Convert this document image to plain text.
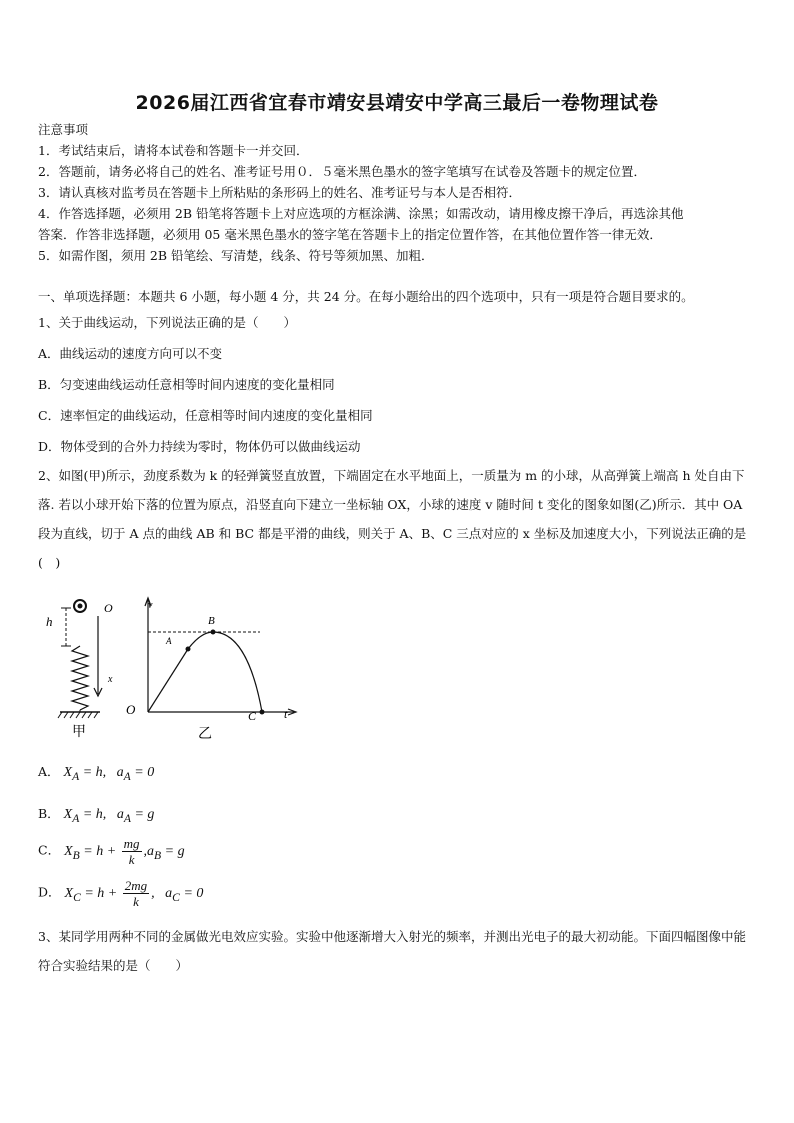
2026届江西省宜春市靖安县靖安中学高三最后一卷物理试卷
注意事项
1．考试结束后，请将本试卷和答题卡一并交回．
2．答题前，请务必将自己的姓名、准考证号用０．５毫米黑色墨水的签字笔填写在试卷及答题卡的规定位置．
3．请认真核对监考员在答题卡上所粘贴的条形码上的姓名、准考证号与本人是否相符．
4．作答选择题，必须用 2B 铅笔将答题卡上对应选项的方框涂满、涂黑；如需改动，请用橡皮擦干净后，再选涂其他
答案．作答非选择题，必须用 05 毫米黑色墨水的签字笔在答题卡上的指定位置作答，在其他位置作答一律无效．
5．如需作图，须用 2B 铅笔绘、写清楚，线条、符号等须加黑、加粗．
一、单项选择题：本题共 6 小题，每小题 4 分，共 24 分。在每小题给出的四个选项中，只有一项是符合题目要求的。
1、关于曲线运动，下列说法正确的是（　　）
A．曲线运动的速度方向可以不变
B．匀变速曲线运动任意相等时间内速度的变化量相同
C．速率恒定的曲线运动，任意相等时间内速度的变化量相同
D．物体受到的合外力持续为零时，物体仍可以做曲线运动
2、如图(甲)所示，劲度系数为 k 的轻弹簧竖直放置，下端固定在水平地面上，一质量为 m 的小球，从高弹簧上端高 h 处自由下落. 若以小球开始下落的位置为原点，沿竖直向下建立一坐标轴 OX，小球的速度 v 随时间 t 变化的图象如图(乙)所示．其中 OA 段为直线，切于 A 点的曲线 AB 和 BC 都是平滑的曲线，则关于 A、B、C 三点对应的 x 坐标及加速度大小，下列说法正确的是(　)
h
O
x
甲
v
t
O
A
B
C
乙
A． $X_A = h$, $a_A = 0$
B． $X_A = h$, $a_A = g$
C． $X_B = h + \frac{mg}{k} ,a_B = g$
D． $X_C = h + \frac{2mg}{k}$ , $a_C = 0$
3、某同学用两种不同的金属做光电效应实验。实验中他逐渐增大入射光的频率，并测出光电子的最大初动能。下面四幅图像中能符合实验结果的是（　　）
